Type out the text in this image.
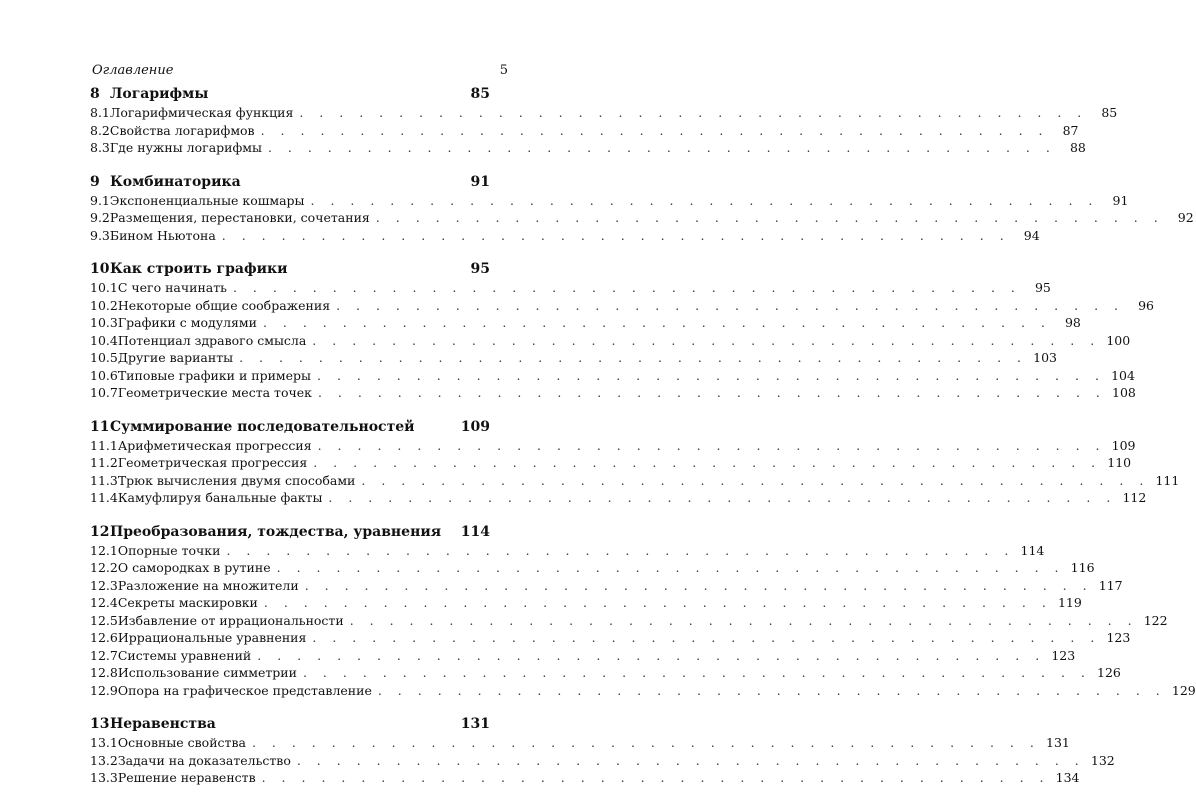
Оглавление	5
8 Логарифмы	85
8.1 Логарифмическая функция . . . . . . . . . . . . . . . . . . . . . . . . . . . . . . . . . . . . . . . .	85
8.2 Свойства логарифмов . . . . . . . . . . . . . . . . . . . . . . . . . . . . . . . . . . . . . . . .	87
8.3 Где нужны логарифмы . . . . . . . . . . . . . . . . . . . . . . . . . . . . . . . . . . . . . . . .	88
9 Комбинаторика	91
9.1 Экспоненциальные кошмары . . . . . . . . . . . . . . . . . . . . . . . . . . . . . . . . . . . . . . . .	91
9.2 Размещения, перестановки, сочетания . . . . . . . . . . . . . . . . . . . . . . . . . . . . . . . . . . . . . . . .	92
9.3 Бином Ньютона . . . . . . . . . . . . . . . . . . . . . . . . . . . . . . . . . . . . . . . .	94
10 Как строить графики	95
10.1 С чего начинать . . . . . . . . . . . . . . . . . . . . . . . . . . . . . . . . . . . . . . . .	95
10.2 Некоторые общие соображения . . . . . . . . . . . . . . . . . . . . . . . . . . . . . . . . . . . . . . . .	96
10.3 Графики с модулями . . . . . . . . . . . . . . . . . . . . . . . . . . . . . . . . . . . . . . . .	98
10.4 Потенциал здравого смысла . . . . . . . . . . . . . . . . . . . . . . . . . . . . . . . . . . . . . . . . 100
10.5 Другие варианты . . . . . . . . . . . . . . . . . . . . . . . . . . . . . . . . . . . . . . . . 103
10.6 Типовые графики и примеры . . . . . . . . . . . . . . . . . . . . . . . . . . . . . . . . . . . . . . . . 104
10.7 Геометрические места точек . . . . . . . . . . . . . . . . . . . . . . . . . . . . . . . . . . . . . . . . 108
11 Суммирование последовательностей	109
11.1 Арифметическая прогрессия . . . . . . . . . . . . . . . . . . . . . . . . . . . . . . . . . . . . . . . . 109
11.2 Геометрическая прогрессия . . . . . . . . . . . . . . . . . . . . . . . . . . . . . . . . . . . . . . . . 110
11.3 Трюк вычисления двумя способами . . . . . . . . . . . . . . . . . . . . . . . . . . . . . . . . . . . . . . . . 111
11.4 Камуфлируя банальные факты . . . . . . . . . . . . . . . . . . . . . . . . . . . . . . . . . . . . . . . . 112
12 Преобразования, тождества, уравнения	114
12.1 Опорные точки . . . . . . . . . . . . . . . . . . . . . . . . . . . . . . . . . . . . . . . . 114
12.2 О самородках в рутине . . . . . . . . . . . . . . . . . . . . . . . . . . . . . . . . . . . . . . . . 116
12.3 Разложение на множители . . . . . . . . . . . . . . . . . . . . . . . . . . . . . . . . . . . . . . . . 117
12.4 Секреты маскировки . . . . . . . . . . . . . . . . . . . . . . . . . . . . . . . . . . . . . . . . 119
12.5 Избавление от иррациональности . . . . . . . . . . . . . . . . . . . . . . . . . . . . . . . . . . . . . . . . 122
12.6 Иррациональные уравнения . . . . . . . . . . . . . . . . . . . . . . . . . . . . . . . . . . . . . . . . 123
12.7 Системы уравнений . . . . . . . . . . . . . . . . . . . . . . . . . . . . . . . . . . . . . . . . 123
12.8 Использование симметрии . . . . . . . . . . . . . . . . . . . . . . . . . . . . . . . . . . . . . . . . 126
12.9 Опора на графическое представление . . . . . . . . . . . . . . . . . . . . . . . . . . . . . . . . . . . . . . . . 129
13 Неравенства	131
13.1 Основные свойства . . . . . . . . . . . . . . . . . . . . . . . . . . . . . . . . . . . . . . . . 131
13.2 Задачи на доказательство . . . . . . . . . . . . . . . . . . . . . . . . . . . . . . . . . . . . . . . . 132
13.3 Решение неравенств . . . . . . . . . . . . . . . . . . . . . . . . . . . . . . . . . . . . . . . . 134
